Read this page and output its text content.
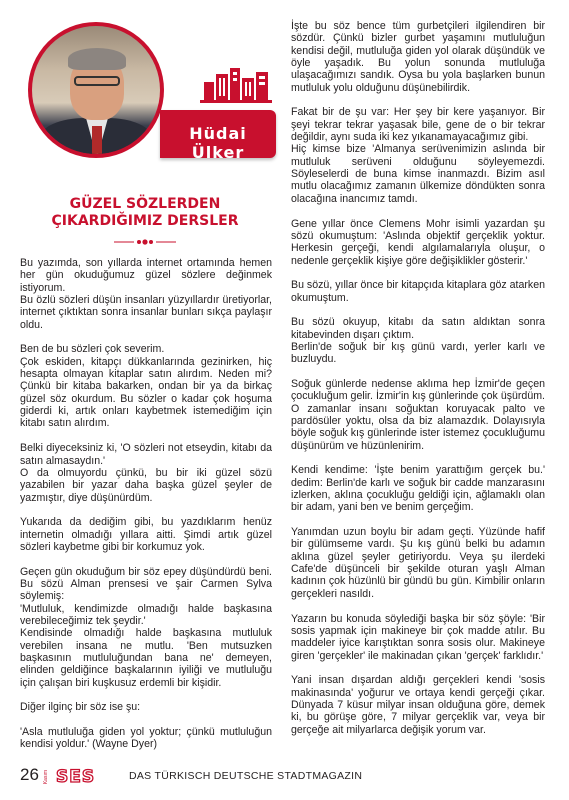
Hüdai Ülker
GÜZEL SÖZLERDEN
ÇIKARDIĞIMIZ DERSLER

Bu yazımda, son yıllarda internet ortamında hemen her gün okuduğumuz güzel sözlere değinmek istiyorum.
Bu özlü sözleri düşün insanları yüzyıllardır üretiyorlar, internet çıktıktan sonra insanlar bunları sıkça paylaşır oldu.

Ben de bu sözleri çok severim.
Çok eskiden, kitapçı dükkanlarında gezinirken, hiç hesapta olmayan kitaplar satın alırdım. Neden mi? Çünkü bir kitaba bakarken, ondan bir ya da birkaç güzel söz okurdum. Bu sözler o kadar çok hoşuma giderdi ki, artık onları kaybetmek istemediğim için kitabı satın alırdım.

Belki diyeceksiniz ki, 'O sözleri not etseydin, kitabı da satın almasaydın.'
O da olmuyordu çünkü, bu bir iki güzel sözü yazabilen bir yazar daha başka güzel şeyler de yazmıştır, diye düşünürdüm.

Yukarıda da dediğim gibi, bu yazdıklarım henüz internetin olmadığı yıllara aitti. Şimdi artık güzel sözleri kaybetme gibi bir korkumuz yok.

Geçen gün okuduğum bir söz epey düşündürdü beni. Bu sözü Alman prensesi ve şair Carmen Sylva söylemiş:
'Mutluluk, kendimizde olmadığı halde başkasına verebileceğimiz tek şeydir.'
Kendisinde olmadığı halde başkasına mutluluk verebilen insana ne mutlu. 'Ben mutsuzken başkasının mutluluğundan bana ne' demeyen, elinden geldiğince başkalarının iyiliği ve mutluluğu için çalışan biri kuşkusuz erdemli bir kişidir.

Diğer ilginç bir söz ise şu:

'Asla mutluluğa giden yol yoktur; çünkü mutluluğun kendisi yoldur.' (Wayne Dyer)

İşte bu söz bence tüm gurbetçileri ilgilendiren bir sözdür. Çünkü bizler gurbet yaşamını mutluluğun kendisi değil, mutluluğa giden yol olarak düşündük ve öyle yaşadık. Bu yolun sonunda mutluluğa ulaşacağımızı sandık. Oysa bu yola başlarken bunun mutluluk yolu olduğunu düşünebilirdik.

Fakat bir de şu var: Her şey bir kere yaşanıyor. Bir şeyi tekrar tekrar yaşasak bile, gene de o bir tekrar değildir, aynı suda iki kez yıkanamayacağımız gibi.
Hiç kimse bize 'Almanya serüvenimizin aslında bir mutluluk serüveni olduğunu söyleyemezdi. Söyleselerdi de buna kimse inanmazdı. Bizim asıl mutlu olacağımız zamanın ülkemize döndükten sonra olacağına inancımız tamdı.

Gene yıllar önce Clemens Mohr isimli yazardan şu sözü okumuştum: 'Aslında objektif gerçeklik yoktur. Herkesin gerçeği, kendi algılamalarıyla oluşur, o nedenle gerçeklik kişiye göre değişiklikler gösterir.'

Bu sözü, yıllar önce bir kitapçıda kitaplara göz atarken okumuştum.

Bu sözü okuyup, kitabı da satın aldıktan sonra kitabevinden dışarı çıktım.
Berlin'de soğuk bir kış günü vardı, yerler karlı ve buzluydu.

Soğuk günlerde nedense aklıma hep İzmir'de geçen çocukluğum gelir. İzmir'in kış günlerinde çok üşürdüm. O zamanlar insanı soğuktan koruyacak palto ve pardösüler yoktu, olsa da biz alamazdık. Dolayısıyla böyle soğuk kış günlerinde ister istemez çocukluğumu düşünürüm ve hüzünlenirim.

Kendi kendime: 'İşte benim yarattığım gerçek bu.' dedim: Berlin'de karlı ve soğuk bir cadde manzarasını izlerken, aklına çocukluğu geldiği için, ağlamaklı olan bir adam, yani ben ve benim gerçeğim.

Yanımdan uzun boylu bir adam geçti. Yüzünde hafif bir gülümseme vardı. Şu kış günü belki bu adamın aklına güzel şeyler getiriyordu. Veya şu ilerdeki Cafe'de düşünceli bir şekilde oturan yaşlı Alman kadının çok hüzünlü bir gündü bu gün. Kimbilir onların gerçekleri nasıldı.

Yazarın bu konuda söylediği başka bir söz şöyle: 'Bir sosis yapmak için makineye bir çok madde atılır. Bu maddeler iyice karıştıktan sonra sosis olur. Makineye giren 'gerçekler' ile makinadan çıkan 'gerçek' farklıdır.'

Yani insan dışardan aldığı gerçekleri kendi 'sosis makinasında' yoğurur ve ortaya kendi gerçeği çıkar. Dünyada 7 küsur milyar insan olduğuna göre, demek ki, bu görüşe göre, 7 milyar gerçeklik var, veya bir gerçeğe ait milyarlarca değişik yorum var.

26 Kasım SES	DAS TÜRKISCH DEUTSCHE STADTMAGAZIN
